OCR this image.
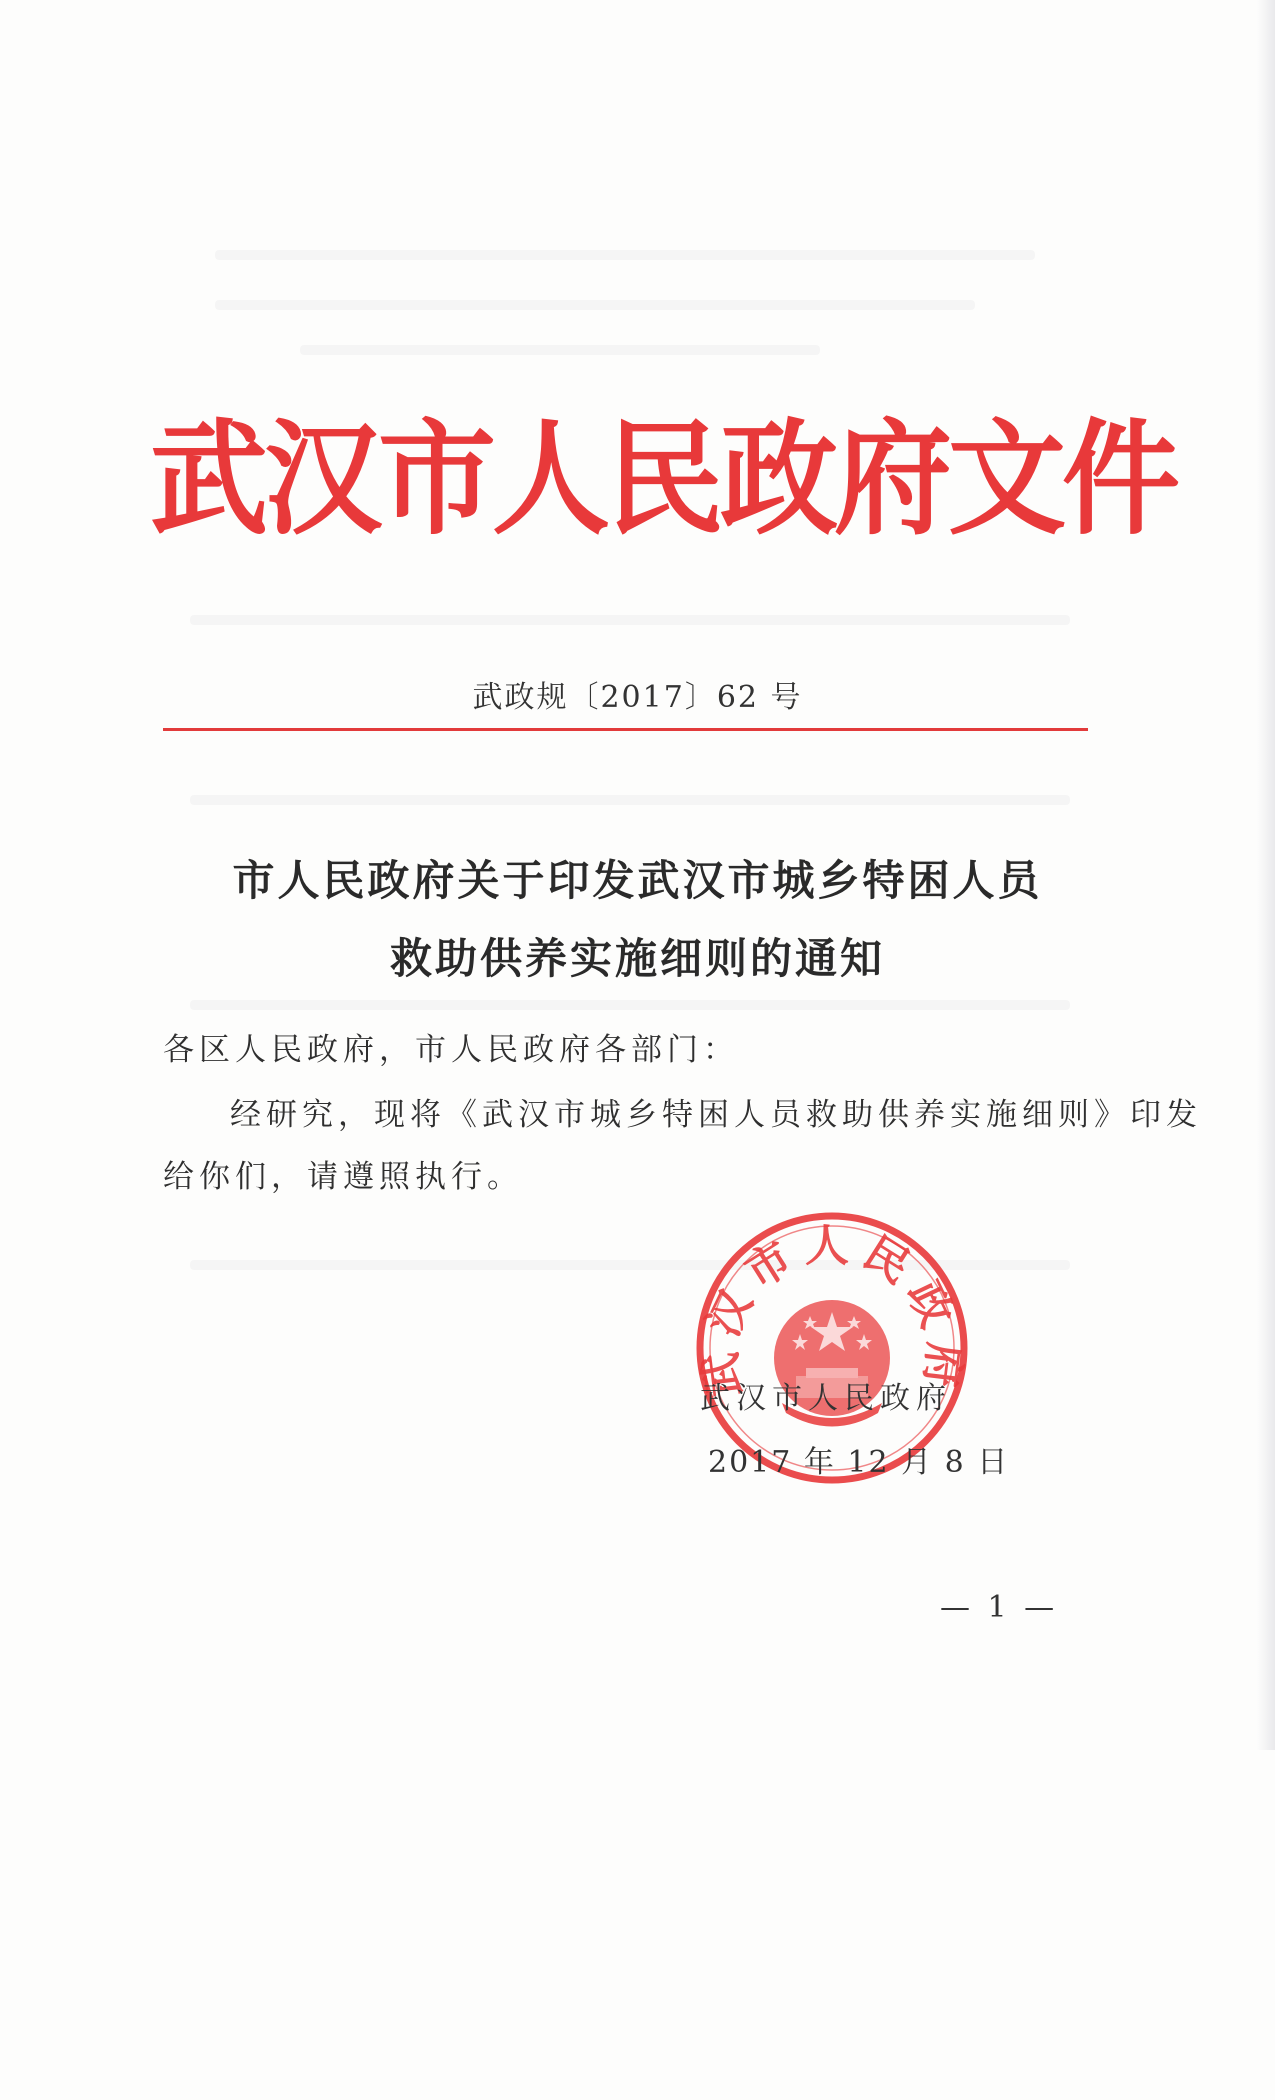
武汉市人民政府文件
武政规〔2017〕62 号
市人民政府关于印发武汉市城乡特困人员
救助供养实施细则的通知
各区人民政府，市人民政府各部门：
经研究，现将《武汉市城乡特困人员救助供养实施细则》印发
给你们，请遵照执行。
武汉市人民政府
武汉市人民政府
2017 年 12 月 8 日
— 1 —
